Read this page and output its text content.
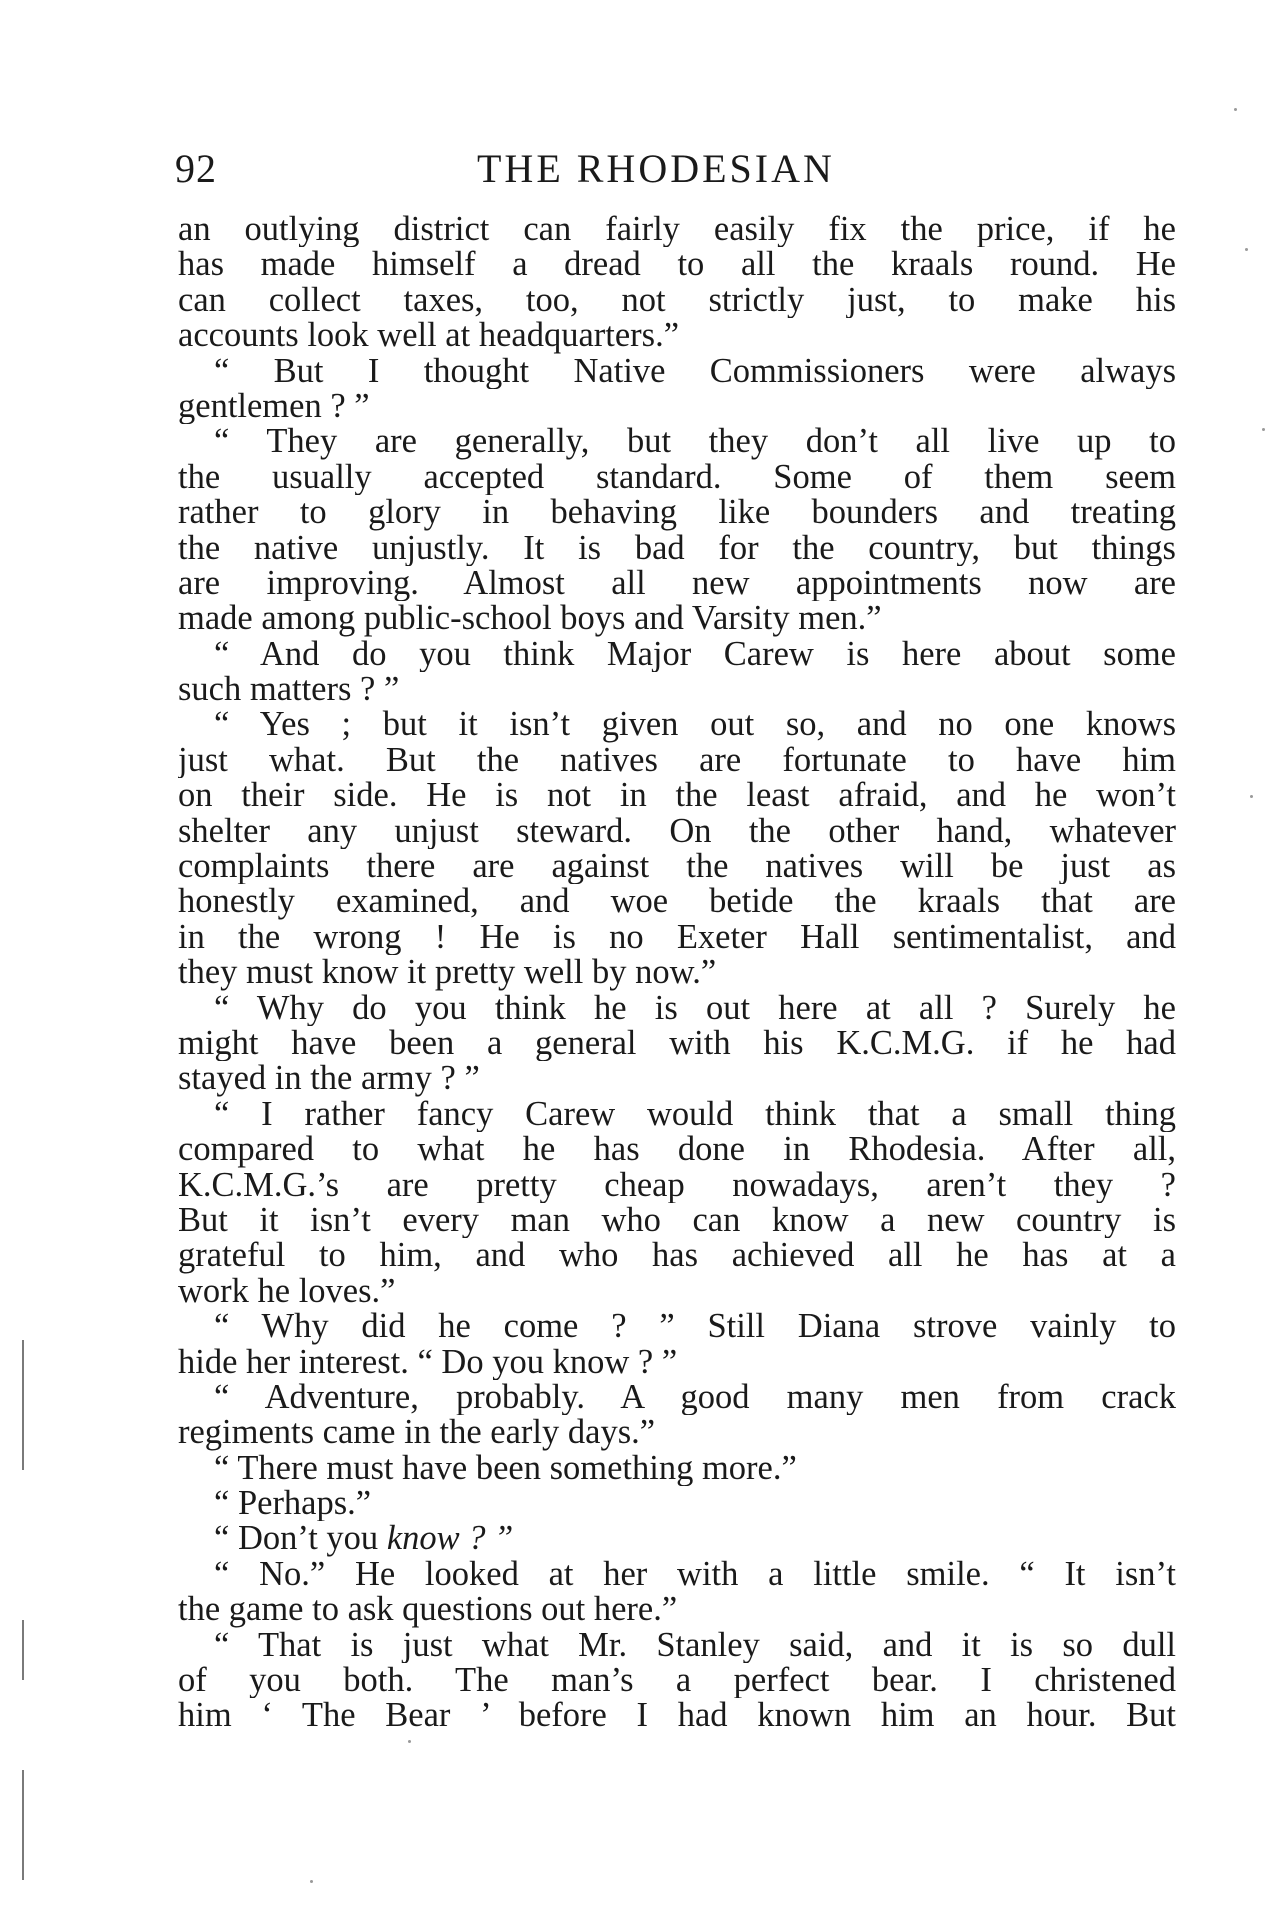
92	THE RHODESIAN
an outlying district can fairly easily fix the price, if he
has made himself a dread to all the kraals round. He
can collect taxes, too, not strictly just, to make his
accounts look well at headquarters.”
“ But I thought Native Commissioners were always
gentlemen ? ”
“ They are generally, but they don’t all live up to
the usually accepted standard. Some of them seem
rather to glory in behaving like bounders and treating
the native unjustly. It is bad for the country, but things
are improving. Almost all new appointments now are
made among public-school boys and Varsity men.”
“ And do you think Major Carew is here about some
such matters ? ”
“ Yes ; but it isn’t given out so, and no one knows
just what. But the natives are fortunate to have him
on their side. He is not in the least afraid, and he won’t
shelter any unjust steward. On the other hand, whatever
complaints there are against the natives will be just as
honestly examined, and woe betide the kraals that are
in the wrong ! He is no Exeter Hall sentimentalist, and
they must know it pretty well by now.”
“ Why do you think he is out here at all ? Surely he
might have been a general with his K.C.M.G. if he had
stayed in the army ? ”
“ I rather fancy Carew would think that a small thing
compared to what he has done in Rhodesia. After all,
K.C.M.G.’s are pretty cheap nowadays, aren’t they ?
But it isn’t every man who can know a new country is
grateful to him, and who has achieved all he has at a
work he loves.”
“ Why did he come ? ” Still Diana strove vainly to
hide her interest. “ Do you know ? ”
“ Adventure, probably. A good many men from crack
regiments came in the early days.”
“ There must have been something more.”
“ Perhaps.”
“ Don’t you know ? ”
“ No.” He looked at her with a little smile. “ It isn’t
the game to ask questions out here.”
“ That is just what Mr. Stanley said, and it is so dull
of you both. The man’s a perfect bear. I christened
him ‘ The Bear ’ before I had known him an hour. But
